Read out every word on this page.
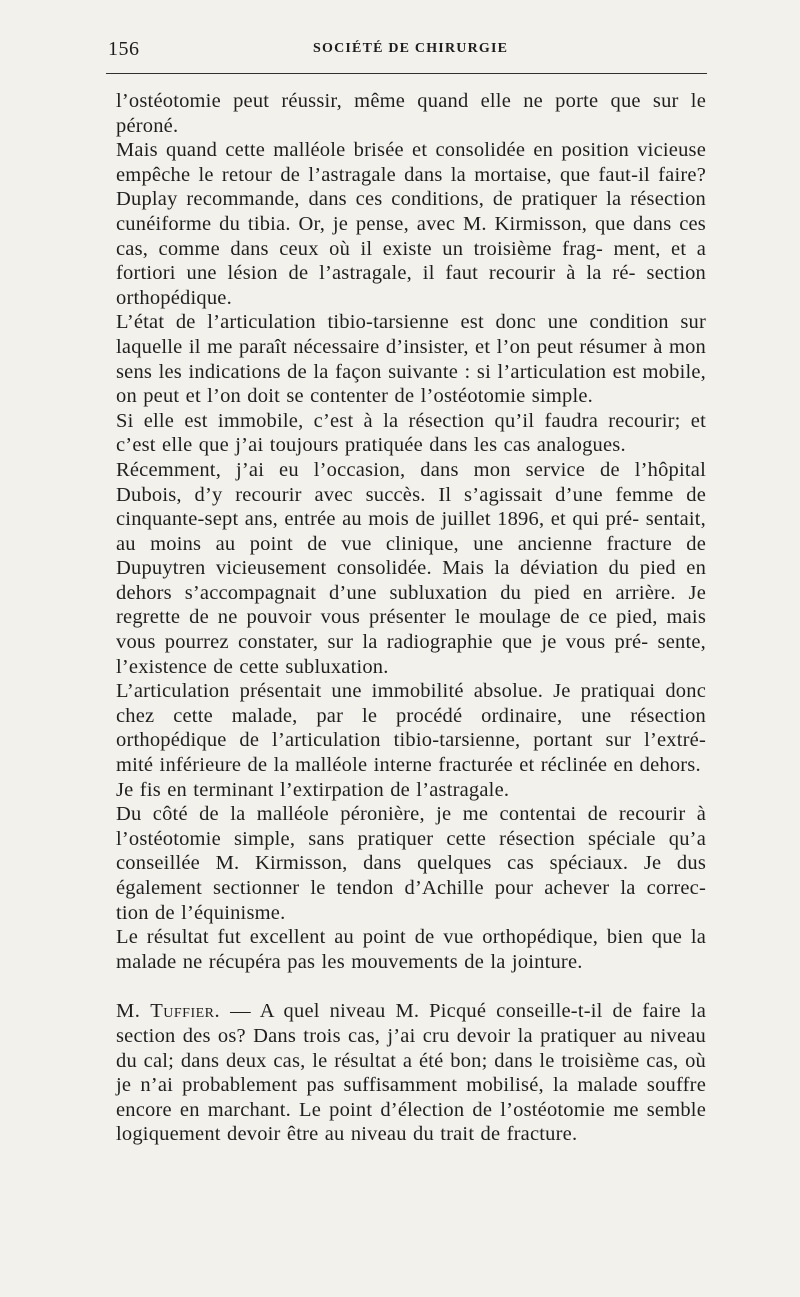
156	SOCIÉTÉ DE CHIRURGIE

l’ostéotomie peut réussir, même quand elle ne porte que sur le péroné.

Mais quand cette malléole brisée et consolidée en position vicieuse empêche le retour de l’astragale dans la mortaise, que faut-il faire? Duplay recommande, dans ces conditions, de pratiquer la résection cunéiforme du tibia. Or, je pense, avec M. Kirmisson, que dans ces cas, comme dans ceux où il existe un troisième frag- ment, et a fortiori une lésion de l’astragale, il faut recourir à la ré- section orthopédique.

L’état de l’articulation tibio-tarsienne est donc une condition sur laquelle il me paraît nécessaire d’insister, et l’on peut résumer à mon sens les indications de la façon suivante : si l’articulation est mobile, on peut et l’on doit se contenter de l’ostéotomie simple.

Si elle est immobile, c’est à la résection qu’il faudra recourir; et c’est elle que j’ai toujours pratiquée dans les cas analogues.

Récemment, j’ai eu l’occasion, dans mon service de l’hôpital Dubois, d’y recourir avec succès. Il s’agissait d’une femme de cinquante-sept ans, entrée au mois de juillet 1896, et qui pré- sentait, au moins au point de vue clinique, une ancienne fracture de Dupuytren vicieusement consolidée. Mais la déviation du pied en dehors s’accompagnait d’une subluxation du pied en arrière. Je regrette de ne pouvoir vous présenter le moulage de ce pied, mais vous pourrez constater, sur la radiographie que je vous pré- sente, l’existence de cette subluxation.

L’articulation présentait une immobilité absolue. Je pratiquai donc chez cette malade, par le procédé ordinaire, une résection orthopédique de l’articulation tibio-tarsienne, portant sur l’extré- mité inférieure de la malléole interne fracturée et réclinée en dehors.

Je fis en terminant l’extirpation de l’astragale.

Du côté de la malléole péronière, je me contentai de recourir à l’ostéotomie simple, sans pratiquer cette résection spéciale qu’a conseillée M. Kirmisson, dans quelques cas spéciaux. Je dus également sectionner le tendon d’Achille pour achever la correc- tion de l’équinisme.

Le résultat fut excellent au point de vue orthopédique, bien que la malade ne récupéra pas les mouvements de la jointure.

M. Tuffier. — A quel niveau M. Picqué conseille-t-il de faire la section des os? Dans trois cas, j’ai cru devoir la pratiquer au niveau du cal; dans deux cas, le résultat a été bon; dans le troisième cas, où je n’ai probablement pas suffisamment mobilisé, la malade souffre encore en marchant. Le point d’élection de l’ostéotomie me semble logiquement devoir être au niveau du trait de fracture.
